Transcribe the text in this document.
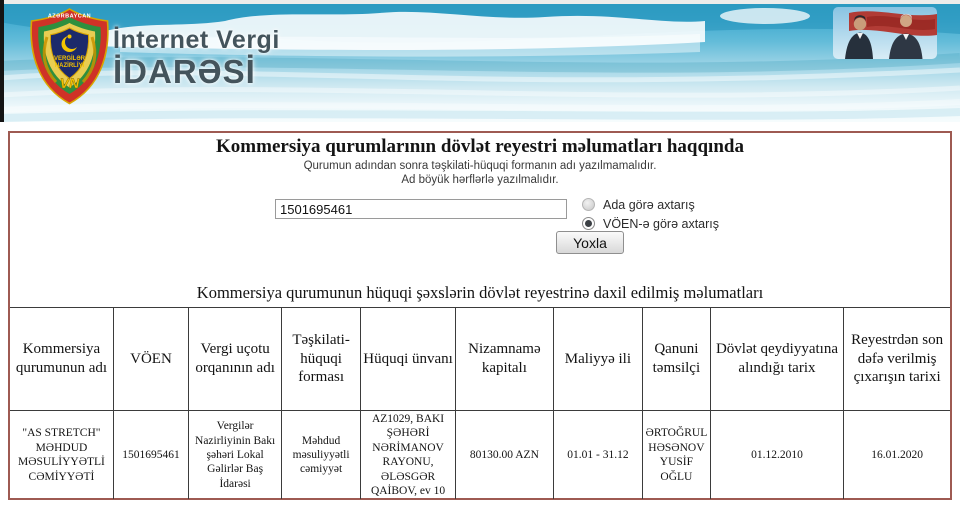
VERGİLƏR
NAZİRLİYİ
AZƏRBAYCAN
VN
İnternet Vergi
İDARƏSİ
Kommersiya qurumlarının dövlət reyestri məlumatları haqqında
Qurumun adından sonra təşkilati-hüquqi formanın adı yazılmamalıdır.
Ad böyük hərflərlə yazılmalıdır.
1501695461
Ada görə axtarış
VÖEN-ə görə axtarış
Yoxla
Kommersiya qurumunun hüquqi şəxslərin dövlət reyestrinə daxil edilmiş məlumatları									
Kommersiya qurumunun adı	VÖEN	Vergi uçotu orqanının adı	Təşkilati-hüquqi forması	Hüquqi ünvanı	Nizamnamə kapitalı	Maliyyə ili	Qanuni təmsilçi	Dövlət qeydiyyatına alındığı tarix	Reyestrdən son dəfə verilmiş çıxarışın tarixi
"AS STRETCH" MƏHDUD MƏSULİYYƏTLİ CƏMİYYƏTİ	1501695461	Vergilər Nazirliyinin Bakı şəhəri Lokal Gəlirlər Baş İdarəsi	Məhdud məsuliyyətli cəmiyyət	AZ1029, BAKI ŞƏHƏRİ NƏRİMANOV RAYONU, ƏLƏSGƏR QAİBOV, ev 10	80130.00 AZN	01.01 - 31.12	ƏRTOĞRUL HƏSƏNOV YUSİF OĞLU	01.12.2010	16.01.2020
